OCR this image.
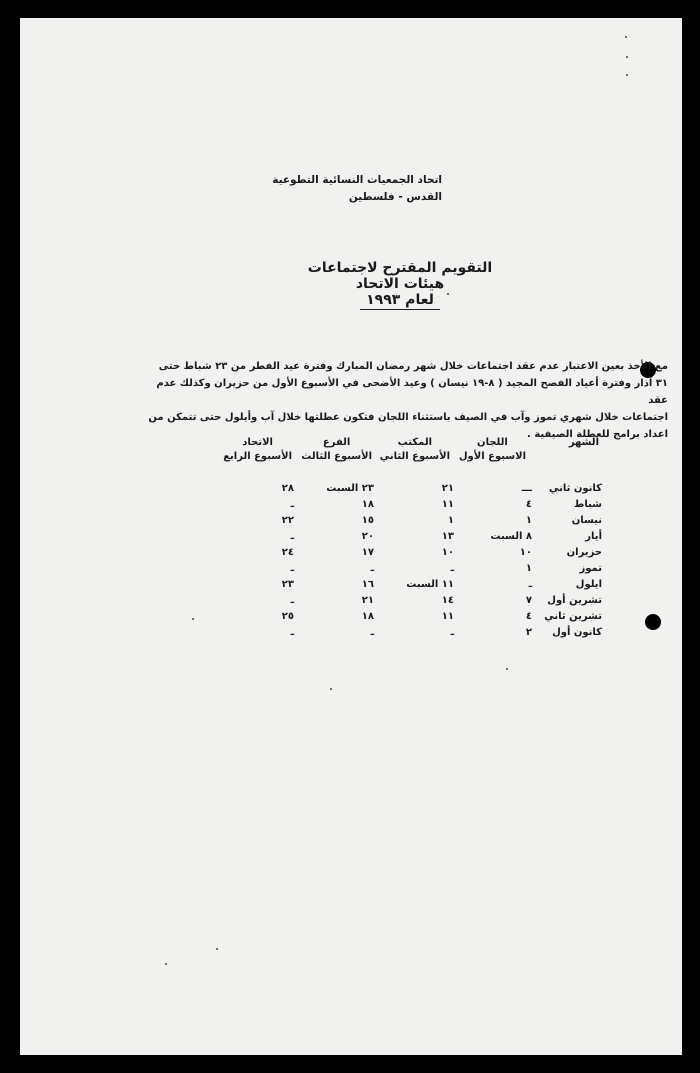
اتحاد الجمعيات النسائية التطوعية
القدس - فلسطين
التقويم المقترح لاجتماعات
هيئات الاتحاد
لعام ١٩٩٣
مع الأخذ بعين الاعتبار عدم عقد اجتماعات خلال شهر رمضان المبارك وفترة عيد الفطر من ٢٣ شباط حتى
٣١ آذار وفترة أعياد الفصح المجيد ( ٨-١٩ نيسان ) وعيد الأضحى في الأسبوع الأول من حزيران وكذلك عدم عقد
اجتماعات خلال شهري تموز وآب في الصيف باستثناء اللجان فتكون عطلتها خلال آب وأيلول حتى تتمكن من
اعداد برامج للعطلة الصيفية .
الشهر
اللجان
الاسبوع الأول
المكتب
الأسبوع الثاني
الفرع
الأسبوع الثالث
الاتحاد
الأسبوع الرابع
كانون ثاني
ـــ
٢١
٢٣ السبت
٢٨
شباط
٤
١١
١٨
ـ
نيسان
١
١
١٥
٢٢
أيار
٨ السبت
١٣
٢٠
ـ
حزيران
١٠
١٠
١٧
٢٤
تموز
١
ـ
ـ
ـ
ايلول
ـ
١١ السبت
١٦
٢٣
تشرين أول
٧
١٤
٢١
ـ
تشرين ثاني
٤
١١
١٨
٢٥
كانون أول
٢
ـ
ـ
ـ
